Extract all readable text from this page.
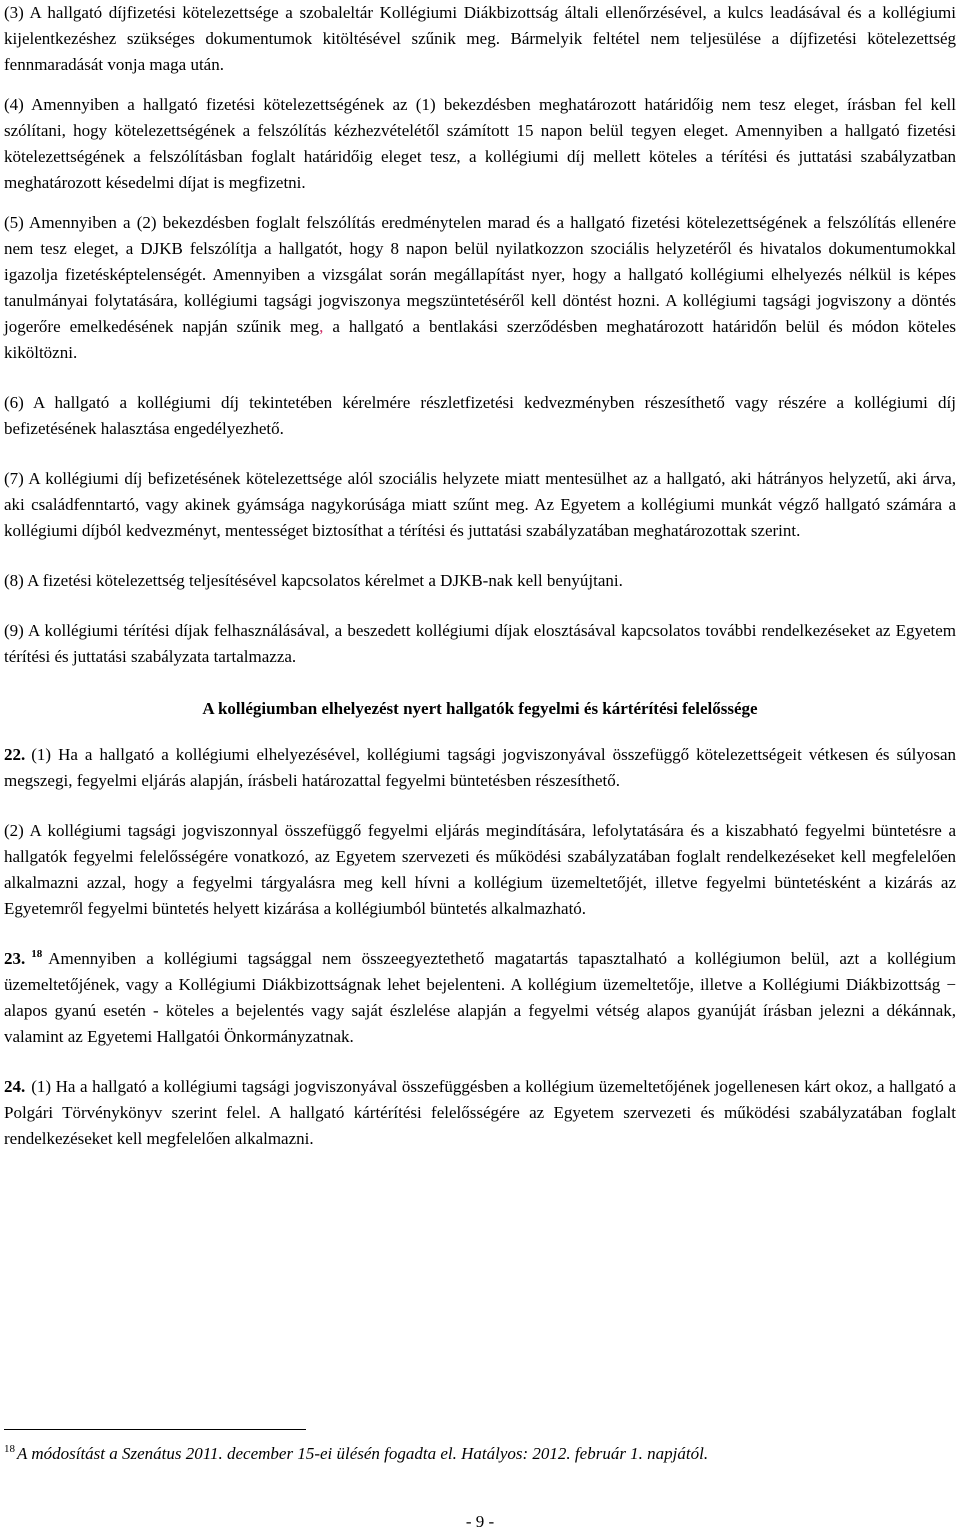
(3) A hallgató díjfizetési kötelezettsége a szobaleltár Kollégiumi Diákbizottság általi ellenőrzésével, a kulcs leadásával és a kollégiumi kijelentkezéshez szükséges dokumentumok kitöltésével szűnik meg. Bármelyik feltétel nem teljesülése a díjfizetési kötelezettség fennmaradását vonja maga után.

(4) Amennyiben a hallgató fizetési kötelezettségének az (1) bekezdésben meghatározott határidőig nem tesz eleget, írásban fel kell szólítani, hogy kötelezettségének a felszólítás kézhezvételétől számított 15 napon belül tegyen eleget. Amennyiben a hallgató fizetési kötelezettségének a felszólításban foglalt határidőig eleget tesz, a kollégiumi díj mellett köteles a térítési és juttatási szabályzatban meghatározott késedelmi díjat is megfizetni.

(5) Amennyiben a (2) bekezdésben foglalt felszólítás eredménytelen marad és a hallgató fizetési kötelezettségének a felszólítás ellenére nem tesz eleget, a DJKB felszólítja a hallgatót, hogy 8 napon belül nyilatkozzon szociális helyzetéről és hivatalos dokumentumokkal igazolja fizetésképtelenségét. Amennyiben a vizsgálat során megállapítást nyer, hogy a hallgató kollégiumi elhelyezés nélkül is képes tanulmányai folytatására, kollégiumi tagsági jogviszonya megszüntetéséről kell döntést hozni. A kollégiumi tagsági jogviszony a döntés jogerőre emelkedésének napján szűnik meg, a hallgató a bentlakási szerződésben meghatározott határidőn belül és módon köteles kiköltözni.

(6) A hallgató a kollégiumi díj tekintetében kérelmére részletfizetési kedvezményben részesíthető vagy részére a kollégiumi díj befizetésének halasztása engedélyezhető.

(7) A kollégiumi díj befizetésének kötelezettsége alól szociális helyzete miatt mentesülhet az a hallgató, aki hátrányos helyzetű, aki árva, aki családfenntartó, vagy akinek gyámsága nagykorúsága miatt szűnt meg. Az Egyetem a kollégiumi munkát végző hallgató számára a kollégiumi díjból kedvezményt, mentességet biztosíthat a térítési és juttatási szabályzatában meghatározottak szerint.

(8) A fizetési kötelezettség teljesítésével kapcsolatos kérelmet a DJKB-nak kell benyújtani.

(9) A kollégiumi térítési díjak felhasználásával, a beszedett kollégiumi díjak elosztásával kapcsolatos további rendelkezéseket az Egyetem térítési és juttatási szabályzata tartalmazza.

A kollégiumban elhelyezést nyert hallgatók fegyelmi és kártérítési felelőssége

22. (1) Ha a hallgató a kollégiumi elhelyezésével, kollégiumi tagsági jogviszonyával összefüggő kötelezettségeit vétkesen és súlyosan megszegi, fegyelmi eljárás alapján, írásbeli határozattal fegyelmi büntetésben részesíthető.

(2) A kollégiumi tagsági jogviszonnyal összefüggő fegyelmi eljárás megindítására, lefolytatására és a kiszabható fegyelmi büntetésre a hallgatók fegyelmi felelősségére vonatkozó, az Egyetem szervezeti és működési szabályzatában foglalt rendelkezéseket kell megfelelően alkalmazni azzal, hogy a fegyelmi tárgyalásra meg kell hívni a kollégium üzemeltetőjét, illetve fegyelmi büntetésként a kizárás az Egyetemről fegyelmi büntetés helyett kizárása a kollégiumból büntetés alkalmazható.

23. $^{18}$ Amennyiben a kollégiumi tagsággal nem összeegyeztethető magatartás tapasztalható a kollégiumon belül, azt a kollégium üzemeltetőjének, vagy a Kollégiumi Diákbizottságnak lehet bejelenteni. A kollégium üzemeltetője, illetve a Kollégiumi Diákbizottság − alapos gyanú esetén - köteles a bejelentés vagy saját észlelése alapján a fegyelmi vétség alapos gyanúját írásban jelezni a dékánnak, valamint az Egyetemi Hallgatói Önkormányzatnak.

24. (1) Ha a hallgató a kollégiumi tagsági jogviszonyával összefüggésben a kollégium üzemeltetőjének jogellenesen kárt okoz, a hallgató a Polgári Törvénykönyv szerint felel. A hallgató kártérítési felelősségére az Egyetem szervezeti és működési szabályzatában foglalt rendelkezéseket kell megfelelően alkalmazni.

$^{18}$ A módosítást a Szenátus 2011. december 15-ei ülésén fogadta el. Hatályos: 2012. február 1. napjától.
- 9 -
